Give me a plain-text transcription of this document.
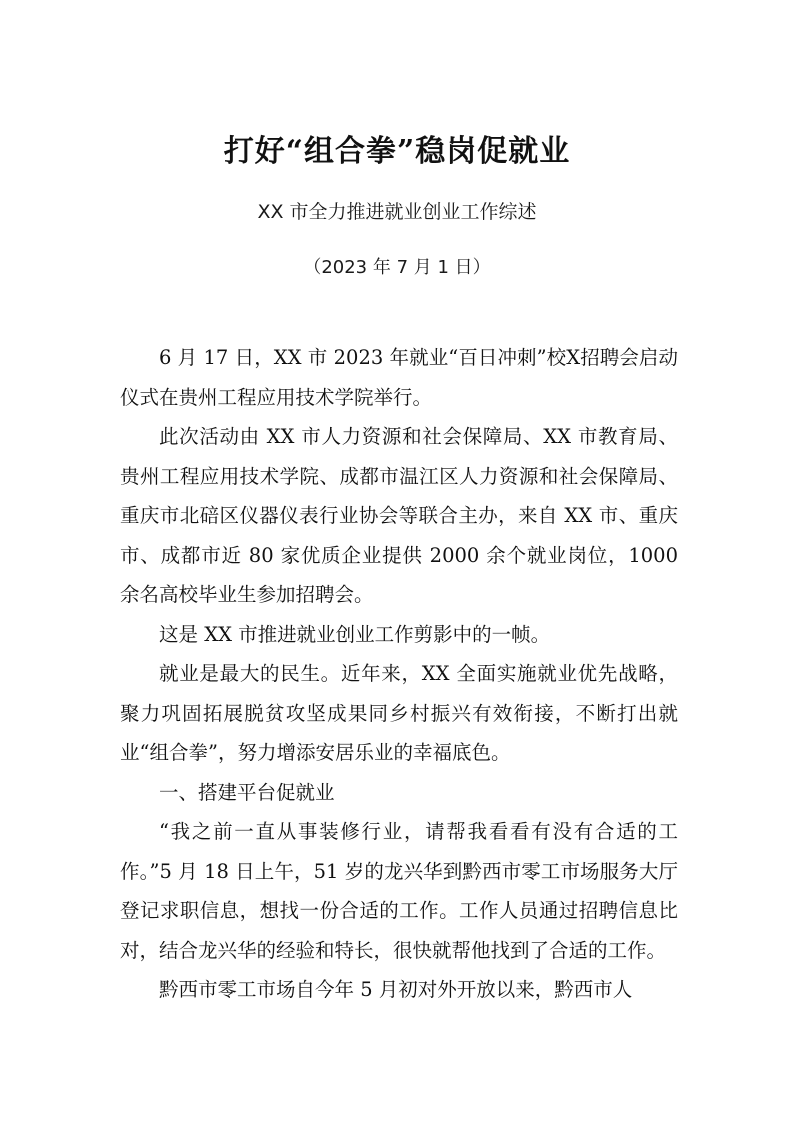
打好“组合拳”稳岗促就业
XX 市全力推进就业创业工作综述
（2023 年 7 月 1 日）

6 月 17 日，XX 市 2023 年就业“百日冲刺”校X招聘会启动仪式在贵州工程应用技术学院举行。

此次活动由 XX 市人力资源和社会保障局、XX 市教育局、贵州工程应用技术学院、成都市温江区人力资源和社会保障局、重庆市北碚区仪器仪表行业协会等联合主办，来自 XX 市、重庆市、成都市近 80 家优质企业提供 2000 余个就业岗位，1000 余名高校毕业生参加招聘会。

这是 XX 市推进就业创业工作剪影中的一帧。

就业是最大的民生。近年来，XX 全面实施就业优先战略，聚力巩固拓展脱贫攻坚成果同乡村振兴有效衔接，不断打出就业“组合拳”，努力增添安居乐业的幸福底色。

一、搭建平台促就业

“我之前一直从事装修行业，请帮我看看有没有合适的工作。”5 月 18 日上午，51 岁的龙兴华到黔西市零工市场服务大厅登记求职信息，想找一份合适的工作。工作人员通过招聘信息比对，结合龙兴华的经验和特长，很快就帮他找到了合适的工作。

黔西市零工市场自今年 5 月初对外开放以来，黔西市人
